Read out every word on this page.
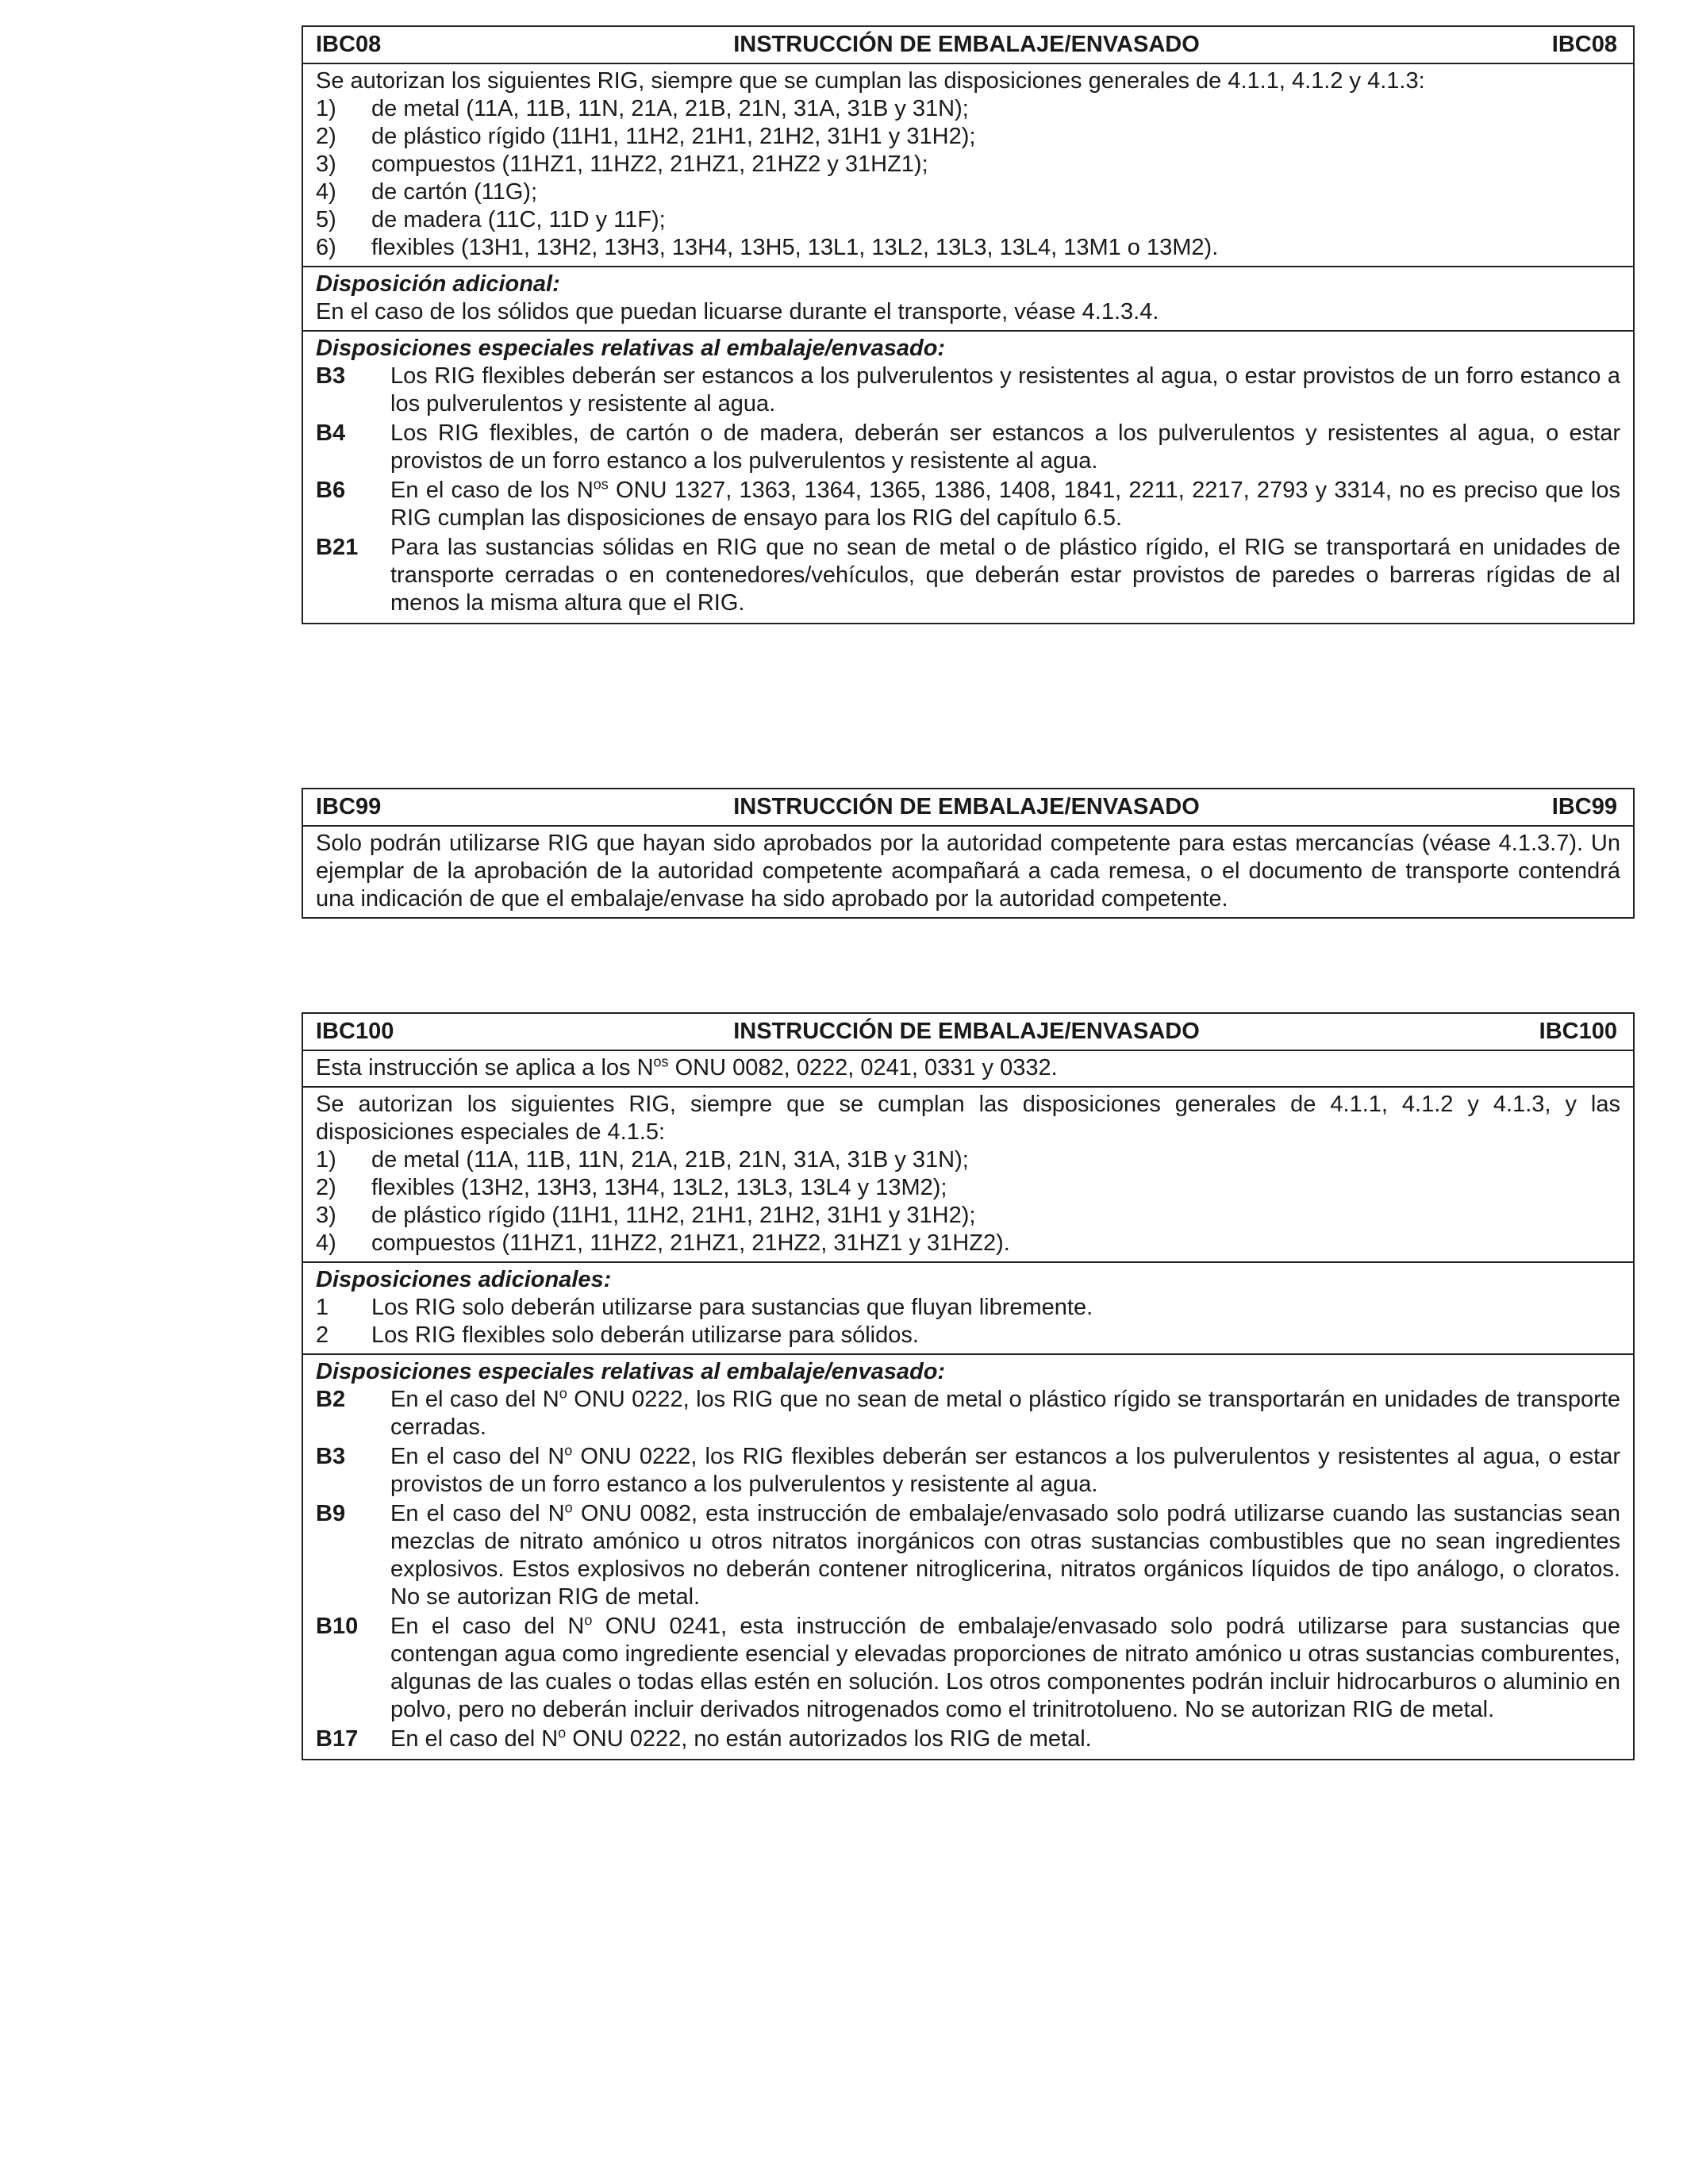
IBC08	INSTRUCCIÓN DE EMBALAJE/ENVASADO	IBC08
Se autorizan los siguientes RIG, siempre que se cumplan las disposiciones generales de 4.1.1, 4.1.2 y 4.1.3:
1)	de metal (11A, 11B, 11N, 21A, 21B, 21N, 31A, 31B y 31N);
2)	de plástico rígido (11H1, 11H2, 21H1, 21H2, 31H1 y 31H2);
3)	compuestos (11HZ1, 11HZ2, 21HZ1, 21HZ2 y 31HZ1);
4)	de cartón (11G);
5)	de madera (11C, 11D y 11F);
6)	flexibles (13H1, 13H2, 13H3, 13H4, 13H5, 13L1, 13L2, 13L3, 13L4, 13M1 o 13M2).
Disposición adicional:
En el caso de los sólidos que puedan licuarse durante el transporte, véase 4.1.3.4.
Disposiciones especiales relativas al embalaje/envasado:
B3	Los RIG flexibles deberán ser estancos a los pulverulentos y resistentes al agua, o estar provistos de un forro estanco a los pulverulentos y resistente al agua.
B4	Los RIG flexibles, de cartón o de madera, deberán ser estancos a los pulverulentos y resistentes al agua, o estar provistos de un forro estanco a los pulverulentos y resistente al agua.
B6	En el caso de los $N^{os}$ ONU 1327, 1363, 1364, 1365, 1386, 1408, 1841, 2211, 2217, 2793 y 3314, no es preciso que los RIG cumplan las disposiciones de ensayo para los RIG del capítulo 6.5.
B21	Para las sustancias sólidas en RIG que no sean de metal o de plástico rígido, el RIG se transportará en unidades de transporte cerradas o en contenedores/vehículos, que deberán estar provistos de paredes o barreras rígidas de al menos la misma altura que el RIG.
IBC99	INSTRUCCIÓN DE EMBALAJE/ENVASADO	IBC99
Solo podrán utilizarse RIG que hayan sido aprobados por la autoridad competente para estas mercancías (véase 4.1.3.7). Un ejemplar de la aprobación de la autoridad competente acompañará a cada remesa, o el documento de transporte contendrá una indicación de que el embalaje/envase ha sido aprobado por la autoridad competente.
IBC100	INSTRUCCIÓN DE EMBALAJE/ENVASADO	IBC100
Esta instrucción se aplica a los $N^{os}$ ONU 0082, 0222, 0241, 0331 y 0332.
Se autorizan los siguientes RIG, siempre que se cumplan las disposiciones generales de 4.1.1, 4.1.2 y 4.1.3, y las disposiciones especiales de 4.1.5:
1)	de metal (11A, 11B, 11N, 21A, 21B, 21N, 31A, 31B y 31N);
2)	flexibles (13H2, 13H3, 13H4, 13L2, 13L3, 13L4 y 13M2);
3)	de plástico rígido (11H1, 11H2, 21H1, 21H2, 31H1 y 31H2);
4)	compuestos (11HZ1, 11HZ2, 21HZ1, 21HZ2, 31HZ1 y 31HZ2).
Disposiciones adicionales:
1	Los RIG solo deberán utilizarse para sustancias que fluyan libremente.
2	Los RIG flexibles solo deberán utilizarse para sólidos.
Disposiciones especiales relativas al embalaje/envasado:
B2	En el caso del $N^o$ ONU 0222, los RIG que no sean de metal o plástico rígido se transportarán en unidades de transporte cerradas.
B3	En el caso del $N^o$ ONU 0222, los RIG flexibles deberán ser estancos a los pulverulentos y resistentes al agua, o estar provistos de un forro estanco a los pulverulentos y resistente al agua.
B9	En el caso del $N^o$ ONU 0082, esta instrucción de embalaje/envasado solo podrá utilizarse cuando las sustancias sean mezclas de nitrato amónico u otros nitratos inorgánicos con otras sustancias combustibles que no sean ingredientes explosivos. Estos explosivos no deberán contener nitroglicerina, nitratos orgánicos líquidos de tipo análogo, o cloratos. No se autorizan RIG de metal.
B10	En el caso del $N^o$ ONU 0241, esta instrucción de embalaje/envasado solo podrá utilizarse para sustancias que contengan agua como ingrediente esencial y elevadas proporciones de nitrato amónico u otras sustancias comburentes, algunas de las cuales o todas ellas estén en solución. Los otros componentes podrán incluir hidrocarburos o aluminio en polvo, pero no deberán incluir derivados nitrogenados como el trinitrotolueno. No se autorizan RIG de metal.
B17	En el caso del $N^o$ ONU 0222, no están autorizados los RIG de metal.
